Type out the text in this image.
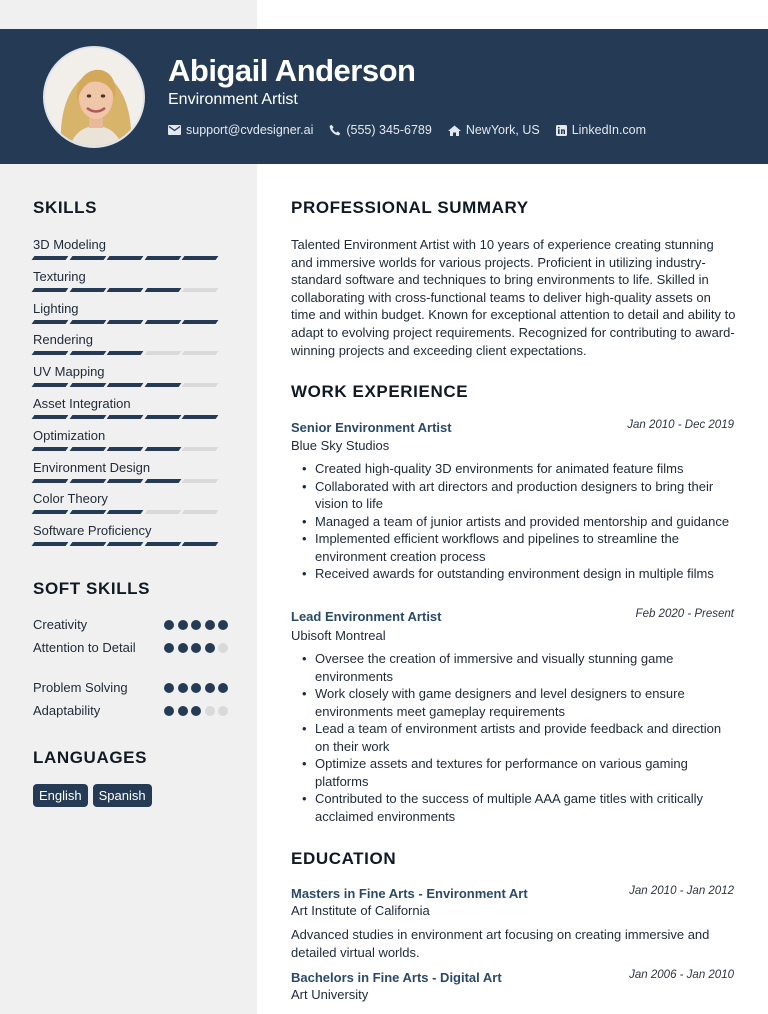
Abigail Anderson
Environment Artist
support@cvdesigner.ai	(555) 345-6789	NewYork, US	LinkedIn.com
SKILLS
3D Modeling
Texturing
Lighting
Rendering
UV Mapping
Asset Integration
Optimization
Environment Design
Color Theory
Software Proficiency
SOFT SKILLS
Creativity
Attention to Detail
Problem Solving
Adaptability
LANGUAGES
English	Spanish
PROFESSIONAL SUMMARY
Talented Environment Artist with 10 years of experience creating stunning and immersive worlds for various projects. Proficient in utilizing industry-standard software and techniques to bring environments to life. Skilled in collaborating with cross-functional teams to deliver high-quality assets on time and within budget. Known for exceptional attention to detail and ability to adapt to evolving project requirements. Recognized for contributing to award-winning projects and exceeding client expectations.
WORK EXPERIENCE
Senior Environment Artist	Jan 2010 - Dec 2019
Blue Sky Studios
• Created high-quality 3D environments for animated feature films
• Collaborated with art directors and production designers to bring their vision to life
• Managed a team of junior artists and provided mentorship and guidance
• Implemented efficient workflows and pipelines to streamline the environment creation process
• Received awards for outstanding environment design in multiple films
Lead Environment Artist	Feb 2020 - Present
Ubisoft Montreal
• Oversee the creation of immersive and visually stunning game environments
• Work closely with game designers and level designers to ensure environments meet gameplay requirements
• Lead a team of environment artists and provide feedback and direction on their work
• Optimize assets and textures for performance on various gaming platforms
• Contributed to the success of multiple AAA game titles with critically acclaimed environments
EDUCATION
Masters in Fine Arts - Environment Art	Jan 2010 - Jan 2012
Art Institute of California
Advanced studies in environment art focusing on creating immersive and detailed virtual worlds.
Bachelors in Fine Arts - Digital Art	Jan 2006 - Jan 2010
Art University
